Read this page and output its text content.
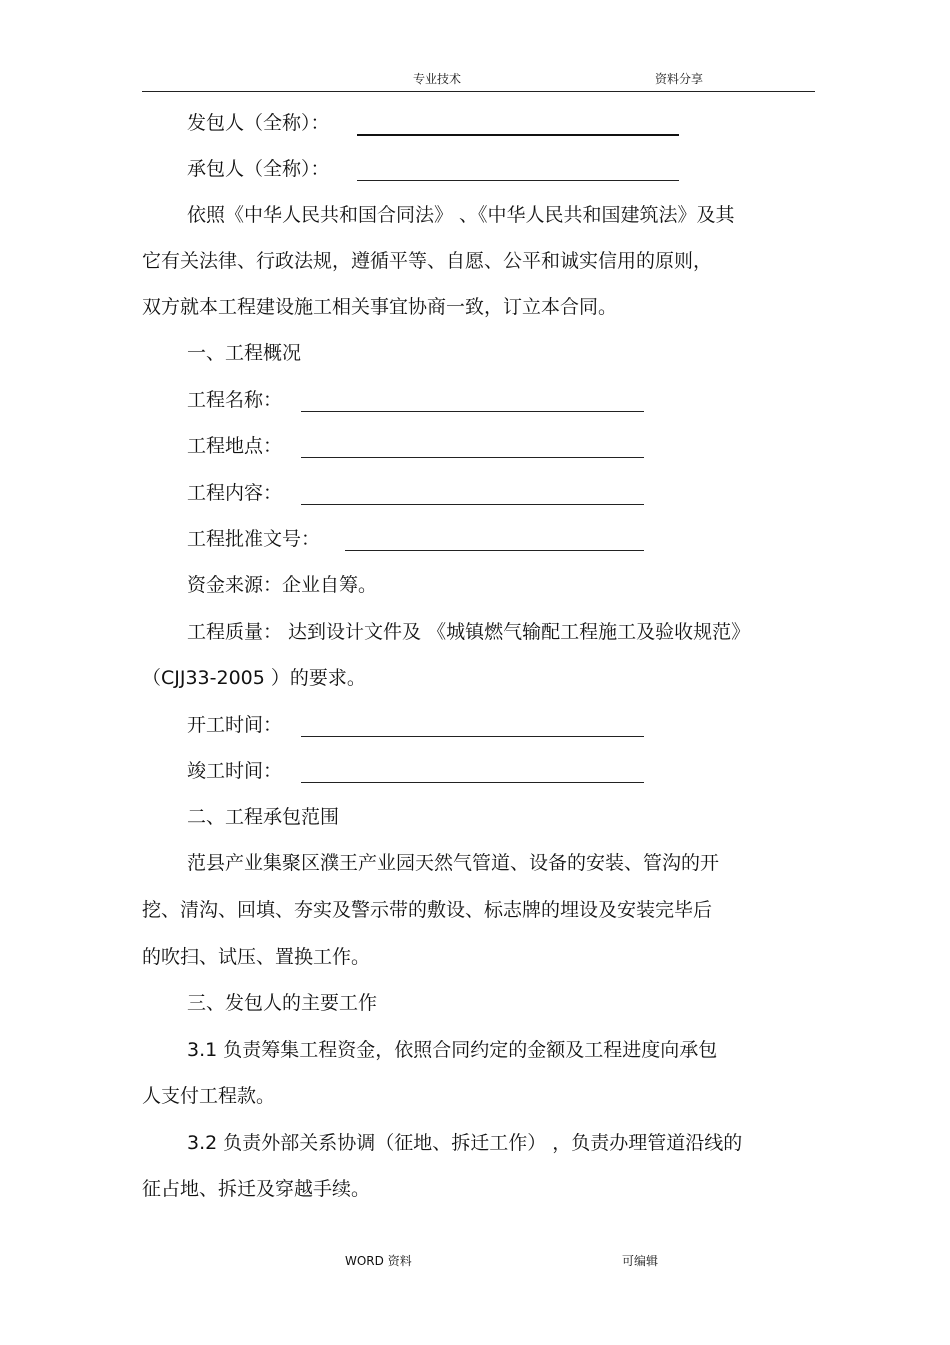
专业技术	资料分享
发包人（全称）：
承包人（全称）：
依照《中华人民共和国合同法》 、《中华人民共和国建筑法》及其
它有关法律、行政法规，遵循平等、自愿、公平和诚实信用的原则，
双方就本工程建设施工相关事宜协商一致，订立本合同。
一、工程概况
工程名称：
工程地点：
工程内容：
工程批准文号：
资金来源：企业自筹。
工程质量： 达到设计文件及 《城镇燃气输配工程施工及验收规范》
（CJJ33-2005 ）的要求。
开工时间：
竣工时间：
二、工程承包范围
范县产业集聚区濮王产业园天然气管道、设备的安装、管沟的开
挖、清沟、回填、夯实及警示带的敷设、标志牌的埋设及安装完毕后
的吹扫、试压、置换工作。
三、发包人的主要工作
3.1 负责筹集工程资金，依照合同约定的金额及工程进度向承包
人支付工程款。
3.2 负责外部关系协调（征地、拆迁工作） ，负责办理管道沿线的
征占地、拆迁及穿越手续。
WORD 资料	可编辑
